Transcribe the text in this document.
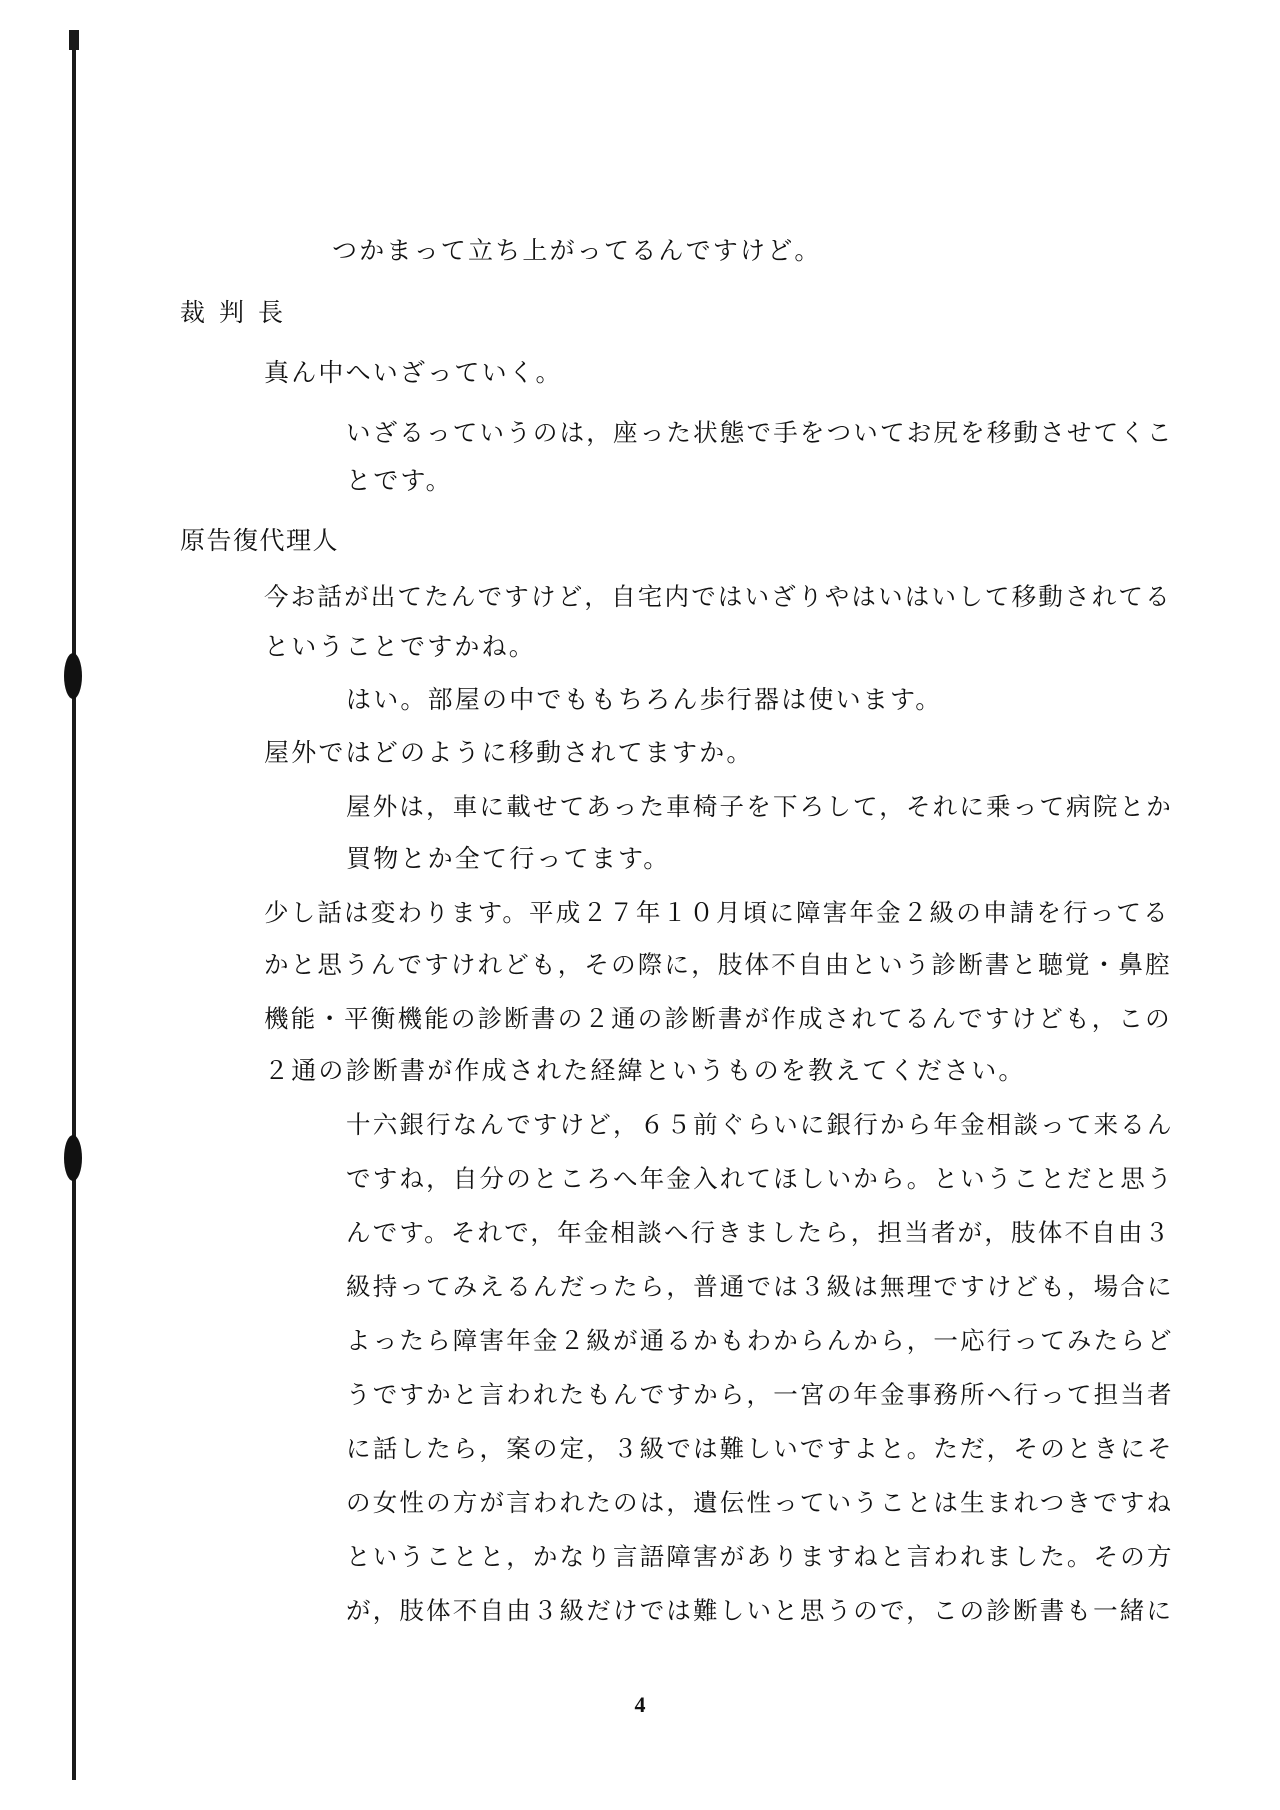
つかまって立ち上がってるんですけど。
裁判長
真ん中へいざっていく。
いざるっていうのは，座った状態で手をついてお尻を移動させてくこ
とです。
原告復代理人
今お話が出てたんですけど，自宅内ではいざりやはいはいして移動されてる
ということですかね。
はい。部屋の中でももちろん歩行器は使います。
屋外ではどのように移動されてますか。
屋外は，車に載せてあった車椅子を下ろして，それに乗って病院とか
買物とか全て行ってます。
少し話は変わります。平成２７年１０月頃に障害年金２級の申請を行ってる
かと思うんですけれども，その際に，肢体不自由という診断書と聴覚・鼻腔
機能・平衡機能の診断書の２通の診断書が作成されてるんですけども，この
２通の診断書が作成された経緯というものを教えてください。
十六銀行なんですけど，６５前ぐらいに銀行から年金相談って来るん
ですね，自分のところへ年金入れてほしいから。ということだと思う
んです。それで，年金相談へ行きましたら，担当者が，肢体不自由３
級持ってみえるんだったら，普通では３級は無理ですけども，場合に
よったら障害年金２級が通るかもわからんから，一応行ってみたらど
うですかと言われたもんですから，一宮の年金事務所へ行って担当者
に話したら，案の定，３級では難しいですよと。ただ，そのときにそ
の女性の方が言われたのは，遺伝性っていうことは生まれつきですね
ということと，かなり言語障害がありますねと言われました。その方
が，肢体不自由３級だけでは難しいと思うので，この診断書も一緒に
4
